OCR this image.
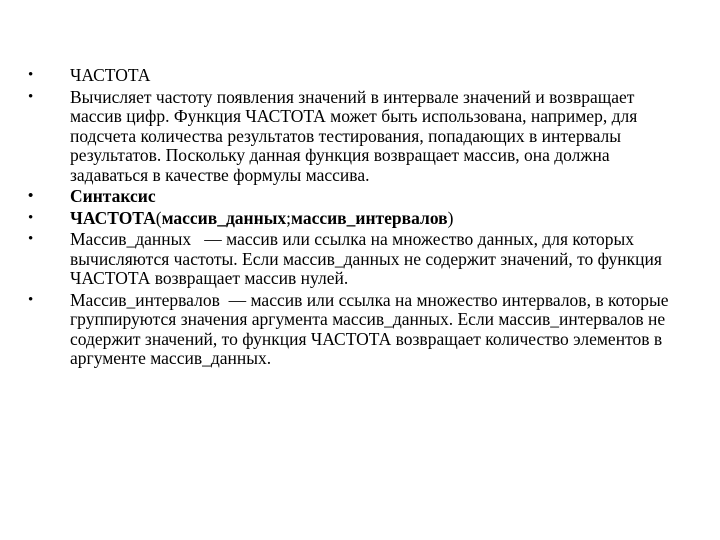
• ЧАСТОТА
• Вычисляет частоту появления значений в интервале значений и возвращает массив цифр. Функция ЧАСТОТА может быть использована, например, для подсчета количества результатов тестирования, попадающих в интервалы результатов. Поскольку данная функция возвращает массив, она должна задаваться в качестве формулы массива.
• Синтаксис
• ЧАСТОТА(массив_данных;массив_интервалов)
• Массив_данных   — массив или ссылка на множество данных, для которых вычисляются частоты. Если массив_данных не содержит значений, то функция ЧАСТОТА возвращает массив нулей.
• Массив_интервалов  — массив или ссылка на множество интервалов, в которые группируются значения аргумента массив_данных. Если массив_интервалов не содержит значений, то функция ЧАСТОТА возвращает количество элементов в аргументе массив_данных.
